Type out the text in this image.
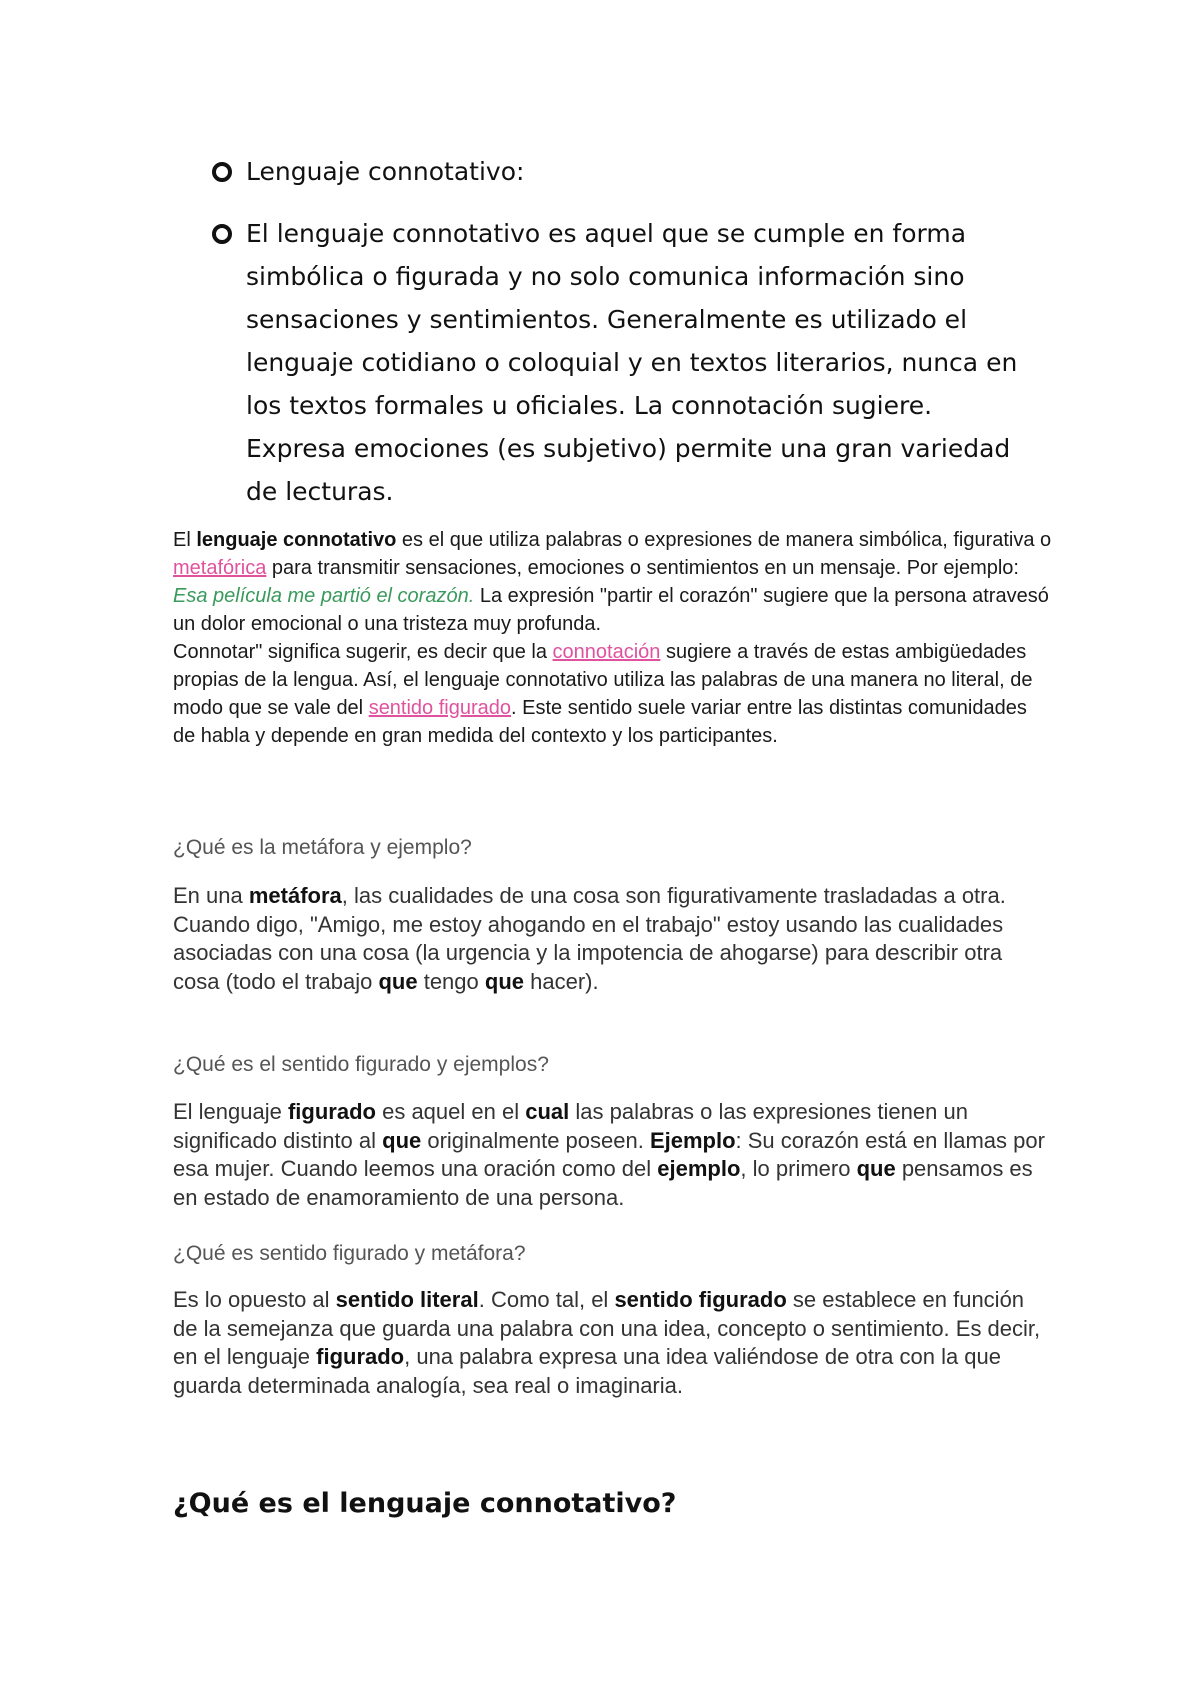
Lenguaje connotativo:
El lenguaje connotativo es aquel que se cumple en forma simbólica o figurada y no solo comunica información sino sensaciones y sentimientos. Generalmente es utilizado el lenguaje cotidiano o coloquial y en textos literarios, nunca en los textos formales u oficiales. La connotación sugiere. Expresa emociones (es subjetivo) permite una gran variedad de lecturas.

El lenguaje connotativo es el que utiliza palabras o expresiones de manera simbólica, figurativa o metafórica para transmitir sensaciones, emociones o sentimientos en un mensaje. Por ejemplo: Esa película me partió el corazón. La expresión "partir el corazón" sugiere que la persona atravesó un dolor emocional o una tristeza muy profunda.

Connotar" significa sugerir, es decir que la connotación sugiere a través de estas ambigüedades propias de la lengua. Así, el lenguaje connotativo utiliza las palabras de una manera no literal, de modo que se vale del sentido figurado. Este sentido suele variar entre las distintas comunidades de habla y depende en gran medida del contexto y los participantes.

¿Qué es la metáfora y ejemplo?

En una metáfora, las cualidades de una cosa son figurativamente trasladadas a otra. Cuando digo, "Amigo, me estoy ahogando en el trabajo" estoy usando las cualidades asociadas con una cosa (la urgencia y la impotencia de ahogarse) para describir otra cosa (todo el trabajo que tengo que hacer).

¿Qué es el sentido figurado y ejemplos?

El lenguaje figurado es aquel en el cual las palabras o las expresiones tienen un significado distinto al que originalmente poseen. Ejemplo: Su corazón está en llamas por esa mujer. Cuando leemos una oración como del ejemplo, lo primero que pensamos es en estado de enamoramiento de una persona.

¿Qué es sentido figurado y metáfora?

Es lo opuesto al sentido literal. Como tal, el sentido figurado se establece en función de la semejanza que guarda una palabra con una idea, concepto o sentimiento. Es decir, en el lenguaje figurado, una palabra expresa una idea valiéndose de otra con la que guarda determinada analogía, sea real o imaginaria.

¿Qué es el lenguaje connotativo?
